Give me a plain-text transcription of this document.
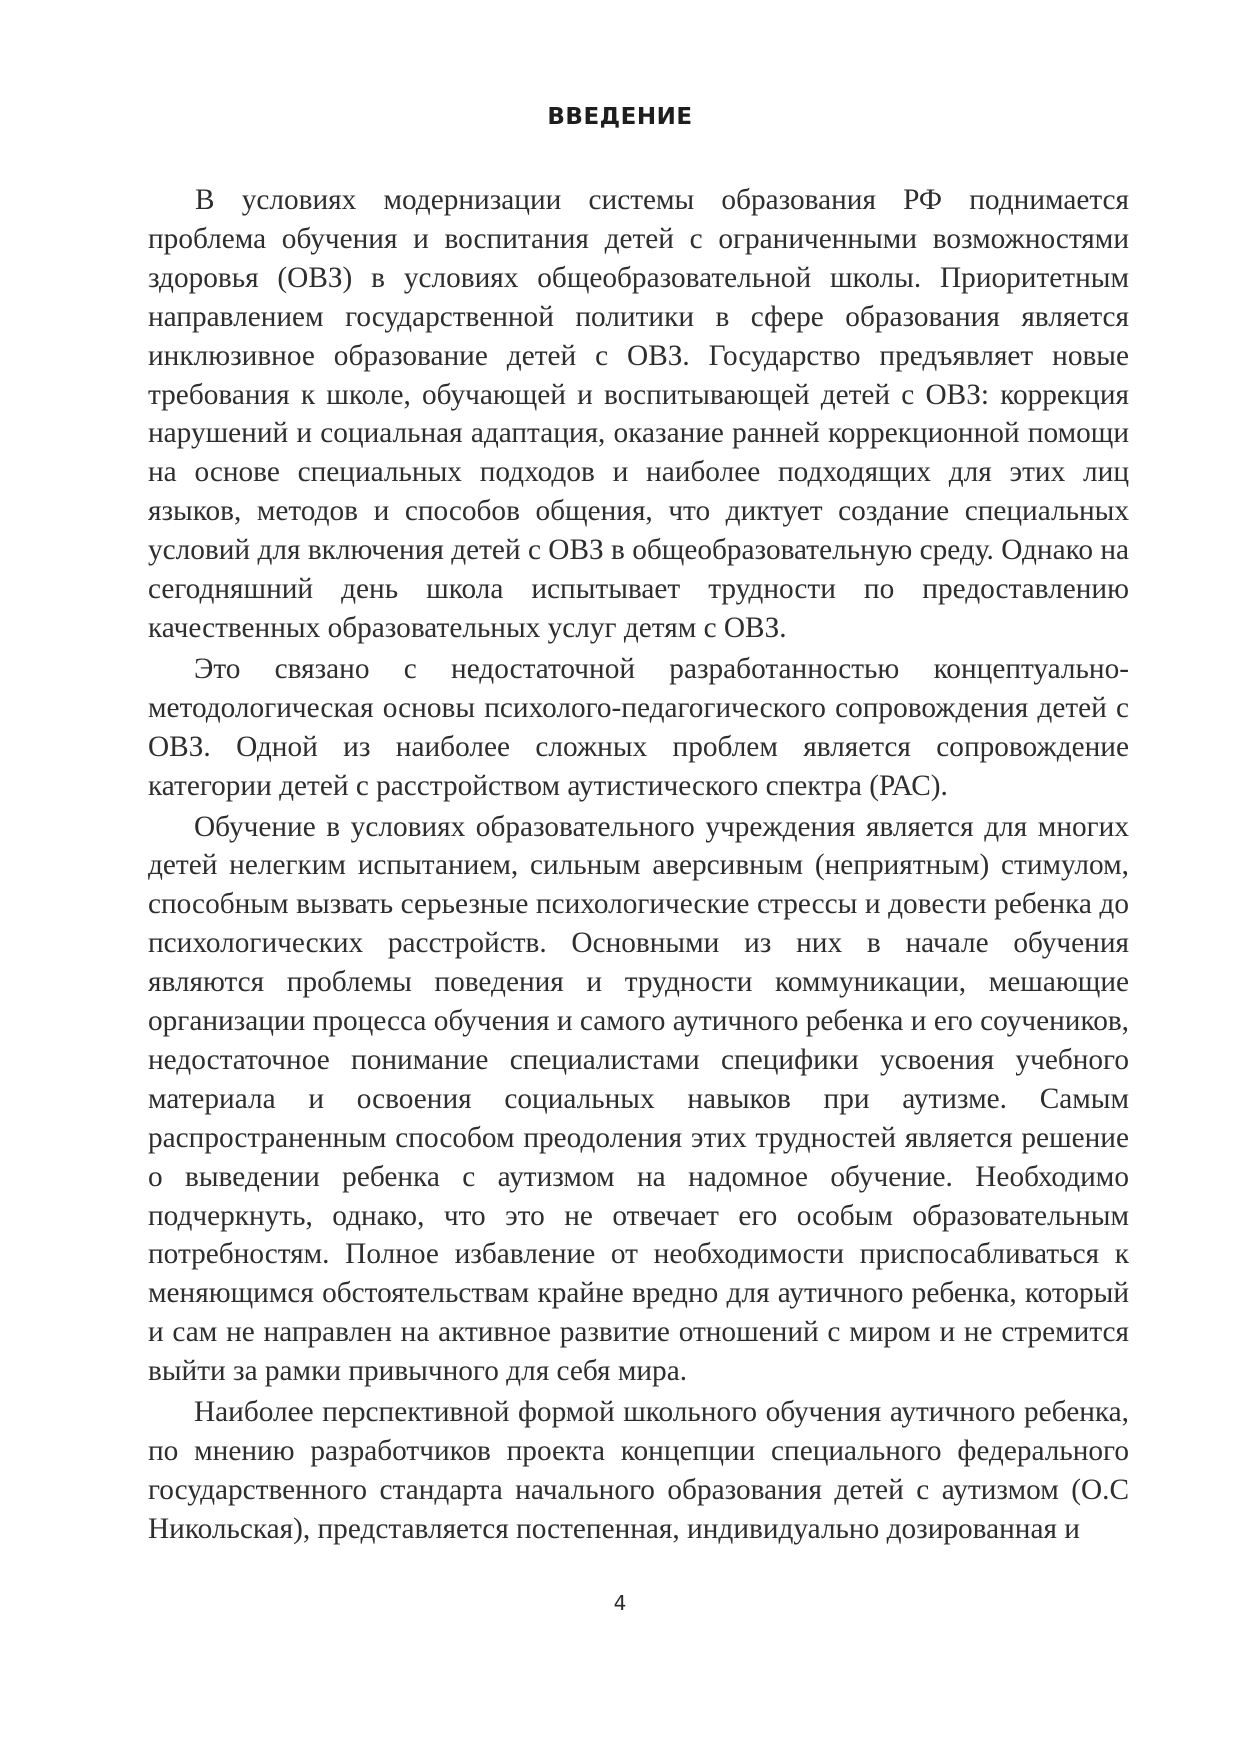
ВВЕДЕНИЕ

В условиях модернизации системы образования РФ поднимается проблема обучения и воспитания детей с ограниченными возможностями здоровья (ОВЗ) в условиях общеобразовательной школы. Приоритетным направлением государственной политики в сфере образования является инклюзивное образование детей с ОВЗ. Государство предъявляет новые требования к школе, обучающей и воспитывающей детей с ОВЗ: коррекция нарушений и социальная адаптация, оказание ранней коррекционной помощи на основе специальных подходов и наиболее подходящих для этих лиц языков, методов и способов общения, что диктует создание специальных условий для включения детей с ОВЗ в общеобразовательную среду. Однако на сегодняшний день школа испытывает трудности по предоставлению качественных образовательных услуг детям с ОВЗ.

Это связано с недостаточной разработанностью концептуально-методологическая основы психолого-педагогического сопровождения детей с ОВЗ. Одной из наиболее сложных проблем является сопровождение категории детей с расстройством аутистического спектра (РАС).

Обучение в условиях образовательного учреждения является для многих детей нелегким испытанием, сильным аверсивным (неприятным) стимулом, способным вызвать серьезные психологические стрессы и довести ребенка до психологических расстройств. Основными из них в начале обучения являются проблемы поведения и трудности коммуникации, мешающие организации процесса обучения и самого аутичного ребенка и его соучеников, недостаточное понимание специалистами специфики усвоения учебного материала и освоения социальных навыков при аутизме. Самым распространенным способом преодоления этих трудностей является решение о выведении ребенка с аутизмом на надомное обучение. Необходимо подчеркнуть, однако, что это не отвечает его особым образовательным потребностям. Полное избавление от необходимости приспосабливаться к меняющимся обстоятельствам крайне вредно для аутичного ребенка, который и сам не направлен на активное развитие отношений с миром и не стремится выйти за рамки привычного для себя мира.

Наиболее перспективной формой школьного обучения аутичного ребенка, по мнению разработчиков проекта концепции специального федерального государственного стандарта начального образования детей с аутизмом (О.С Никольская), представляется постепенная, индивидуально дозированная и

4
